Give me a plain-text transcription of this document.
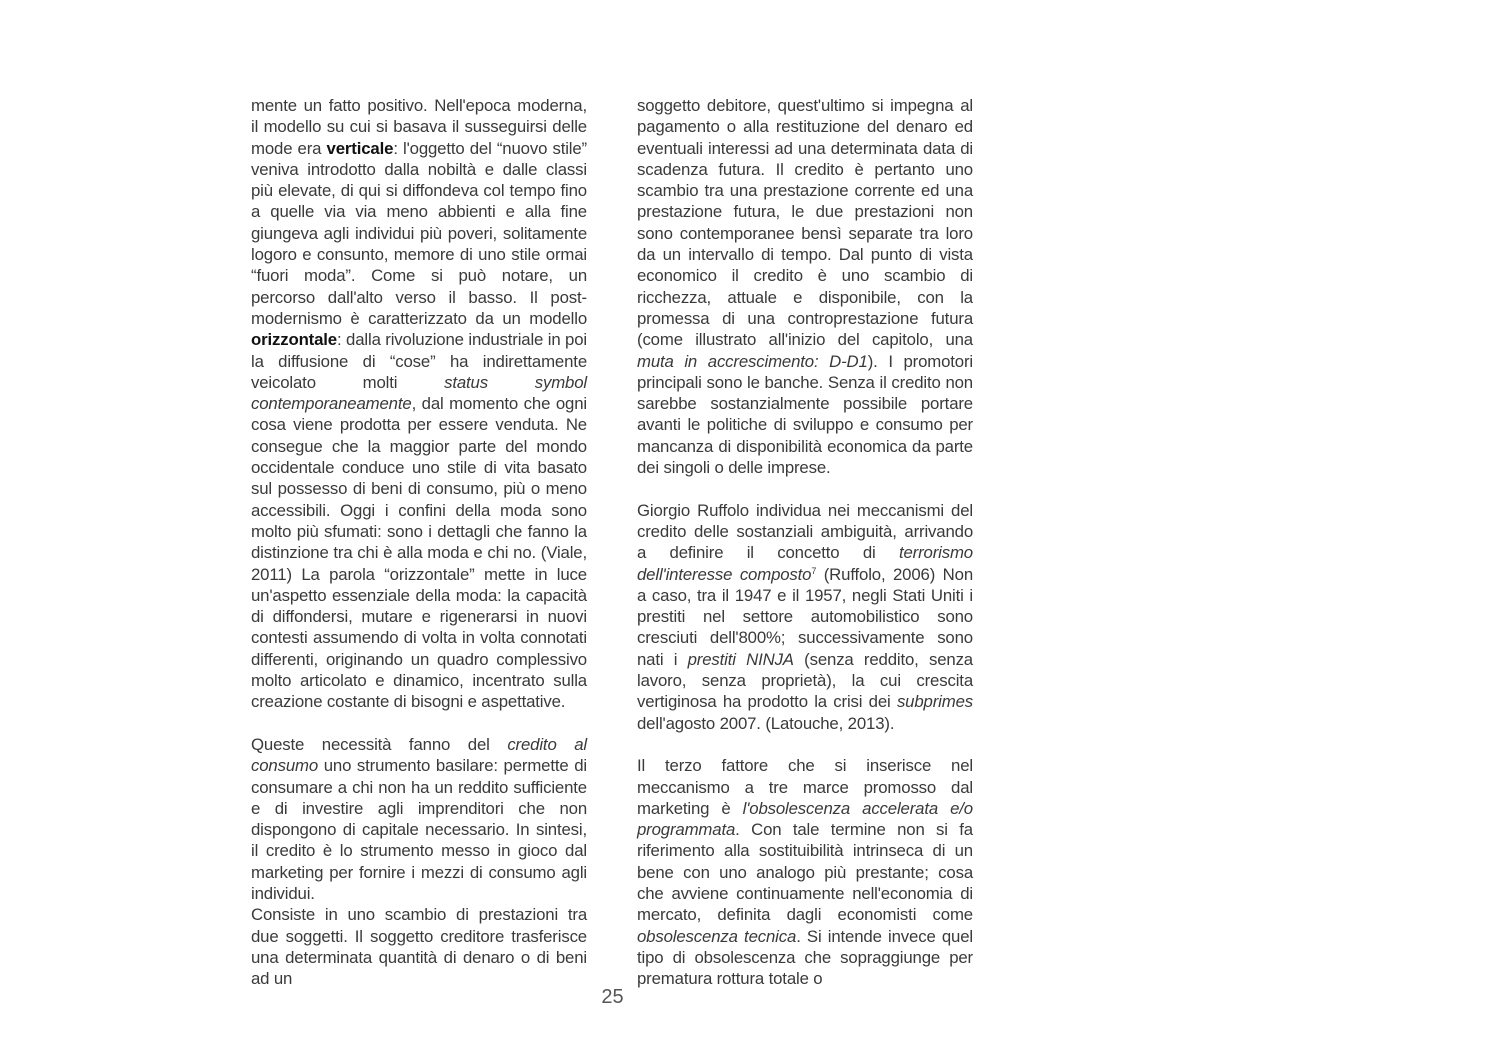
mente un fatto positivo. Nell'epoca moderna, il modello su cui si basava il susseguirsi delle mode era verticale: l'oggetto del “nuovo stile” veniva introdotto dalla nobiltà e dalle classi più elevate, di qui si diffondeva col tempo fino a quelle via via meno abbienti e alla fine giungeva agli individui più poveri, solitamente logoro e consunto, memore di uno stile ormai “fuori moda”. Come si può notare, un percorso dall'alto verso il basso. Il post-modernismo è caratterizzato da un modello orizzontale: dalla rivoluzione industriale in poi la diffusione di “cose” ha indirettamente veicolato molti status symbol contemporaneamente, dal momento che ogni cosa viene prodotta per essere venduta. Ne consegue che la maggior parte del mondo occidentale conduce uno stile di vita basato sul possesso di beni di consumo, più o meno accessibili. Oggi i confini della moda sono molto più sfumati: sono i dettagli che fanno la distinzione tra chi è alla moda e chi no. (Viale, 2011) La parola “orizzontale” mette in luce un'aspetto essenziale della moda: la capacità di diffondersi, mutare e rigenerarsi in nuovi contesti assumendo di volta in volta connotati differenti, originando un quadro complessivo molto articolato e dinamico, incentrato sulla creazione costante di bisogni e aspettative.

Queste necessità fanno del credito al consumo uno strumento basilare: permette di consumare a chi non ha un reddito sufficiente e di investire agli imprenditori che non dispongono di capitale necessario. In sintesi, il credito è lo strumento messo in gioco dal marketing per fornire i mezzi di consumo agli individui.

Consiste in uno scambio di prestazioni tra due soggetti. Il soggetto creditore trasferisce una determinata quantità di denaro o di beni ad un

soggetto debitore, quest'ultimo si impegna al pagamento o alla restituzione del denaro ed eventuali interessi ad una determinata data di scadenza futura. Il credito è pertanto uno scambio tra una prestazione corrente ed una prestazione futura, le due prestazioni non sono contemporanee bensì separate tra loro da un intervallo di tempo. Dal punto di vista economico il credito è uno scambio di ricchezza, attuale e disponibile, con la promessa di una controprestazione futura (come illustrato all'inizio del capitolo, una muta in accrescimento: D-D1). I promotori principali sono le banche. Senza il credito non sarebbe sostanzialmente possibile portare avanti le politiche di sviluppo e consumo per mancanza di disponibilità economica da parte dei singoli o delle imprese.

Giorgio Ruffolo individua nei meccanismi del credito delle sostanziali ambiguità, arrivando a definire il concetto di terrorismo dell'interesse composto$^7$ (Ruffolo, 2006) Non a caso, tra il 1947 e il 1957, negli Stati Uniti i prestiti nel settore automobilistico sono cresciuti dell'800%; successivamente sono nati i prestiti NINJA (senza reddito, senza lavoro, senza proprietà), la cui crescita vertiginosa ha prodotto la crisi dei subprimes dell'agosto 2007. (Latouche, 2013).

Il terzo fattore che si inserisce nel meccanismo a tre marce promosso dal marketing è l'obsolescenza accelerata e/o programmata. Con tale termine non si fa riferimento alla sostituibilità intrinseca di un bene con uno analogo più prestante; cosa che avviene continuamente nell'economia di mercato, definita dagli economisti come obsolescenza tecnica. Si intende invece quel tipo di obsolescenza che sopraggiunge per prematura rottura totale o

25
